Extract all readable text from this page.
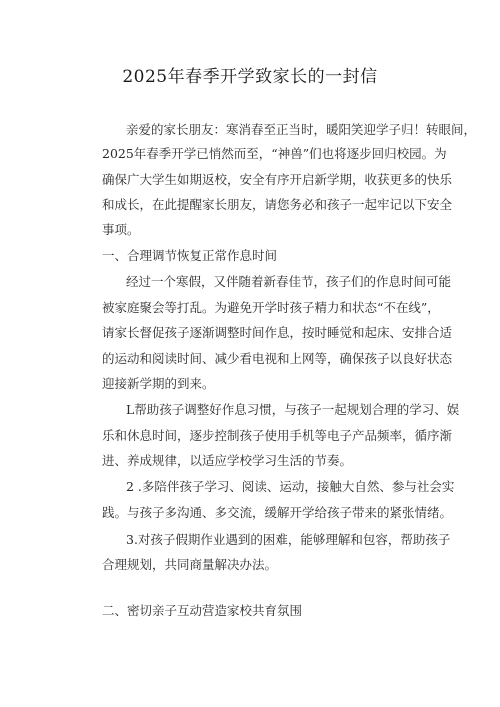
2025年春季开学致家长的一封信

亲爱的家长朋友：寒消春至正当时，暖阳笑迎学子归！转眼间，

2025年春季开学已悄然而至，“神兽”们也将逐步回归校园。为

确保广大学生如期返校，安全有序开启新学期，收获更多的快乐

和成长，在此提醒家长朋友，请您务必和孩子一起牢记以下安全

事项。

一、合理调节恢复正常作息时间

经过一个寒假，又伴随着新春佳节，孩子们的作息时间可能

被家庭聚会等打乱。为避免开学时孩子精力和状态“不在线”，

请家长督促孩子逐渐调整时间作息，按时睡觉和起床、安排合适

的运动和阅读时间、减少看电视和上网等，确保孩子以良好状态

迎接新学期的到来。

L帮助孩子调整好作息习惯，与孩子一起规划合理的学习、娱

乐和休息时间，逐步控制孩子使用手机等电子产品频率，循序渐

进、养成规律，以适应学校学习生活的节奏。

2 .多陪伴孩子学习、阅读、运动，接触大自然、参与社会实

践。与孩子多沟通、多交流，缓解开学给孩子带来的紧张情绪。

3.对孩子假期作业遇到的困难，能够理解和包容，帮助孩子

合理规划，共同商量解决办法。

二、密切亲子互动营造家校共育氛围
